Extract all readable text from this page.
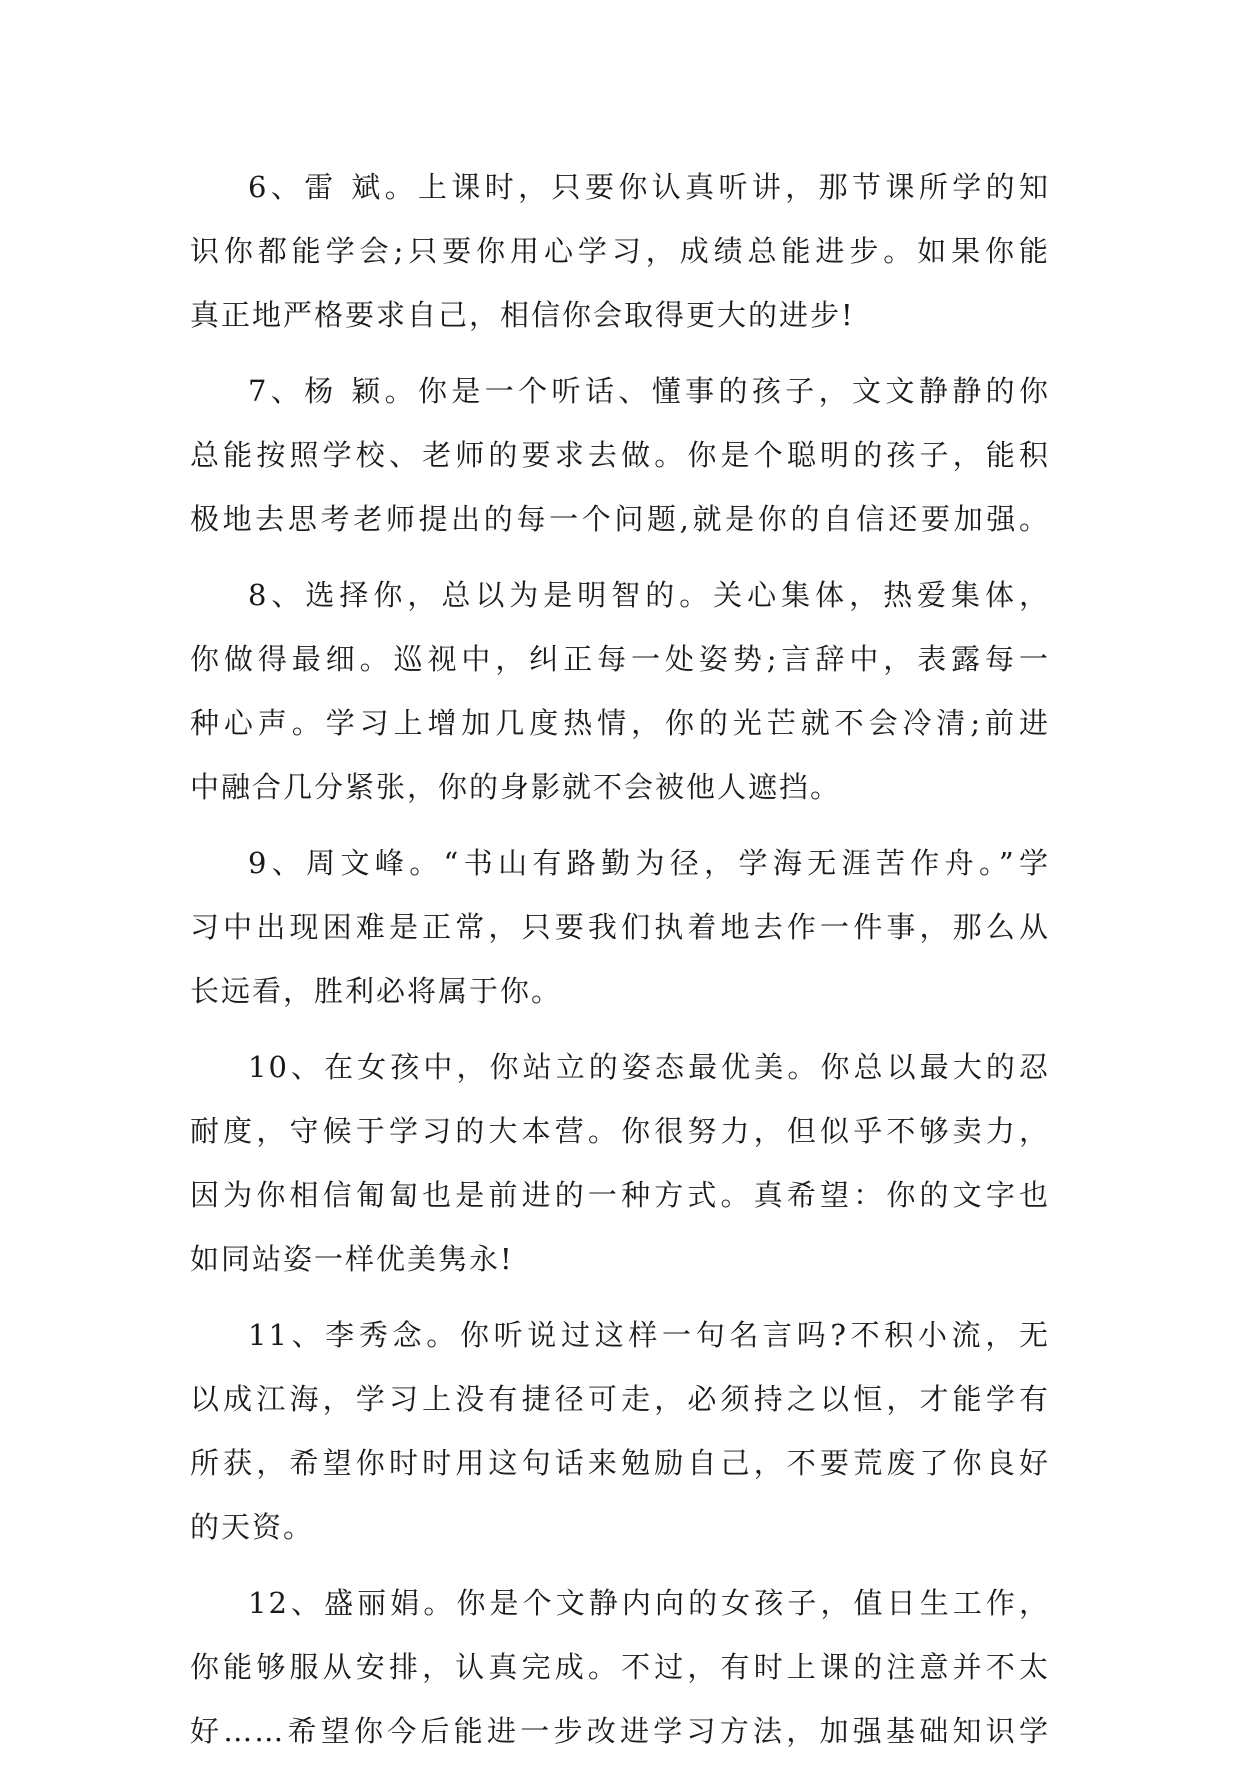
6、雷 斌。上课时，只要你认真听讲，那节课所学的知
识你都能学会;只要你用心学习，成绩总能进步。如果你能
真正地严格要求自己，相信你会取得更大的进步!
7、杨 颖。你是一个听话、懂事的孩子，文文静静的你
总能按照学校、老师的要求去做。你是个聪明的孩子，能积
极地去思考老师提出的每一个问题,就是你的自信还要加强。
8、选择你，总以为是明智的。关心集体，热爱集体，
你做得最细。巡视中，纠正每一处姿势;言辞中，表露每一
种心声。学习上增加几度热情，你的光芒就不会冷清;前进
中融合几分紧张，你的身影就不会被他人遮挡。
9、周文峰。“书山有路勤为径，学海无涯苦作舟。”学
习中出现困难是正常，只要我们执着地去作一件事，那么从
长远看，胜利必将属于你。
10、在女孩中，你站立的姿态最优美。你总以最大的忍
耐度，守候于学习的大本营。你很努力，但似乎不够卖力，
因为你相信匍匐也是前进的一种方式。真希望：你的文字也
如同站姿一样优美隽永!
11、李秀念。你听说过这样一句名言吗?不积小流，无
以成江海，学习上没有捷径可走，必须持之以恒，才能学有
所获，希望你时时用这句话来勉励自己，不要荒废了你良好
的天资。
12、盛丽娟。你是个文静内向的女孩子，值日生工作，
你能够服从安排，认真完成。不过，有时上课的注意并不太
好……希望你今后能进一步改进学习方法，加强基础知识学
